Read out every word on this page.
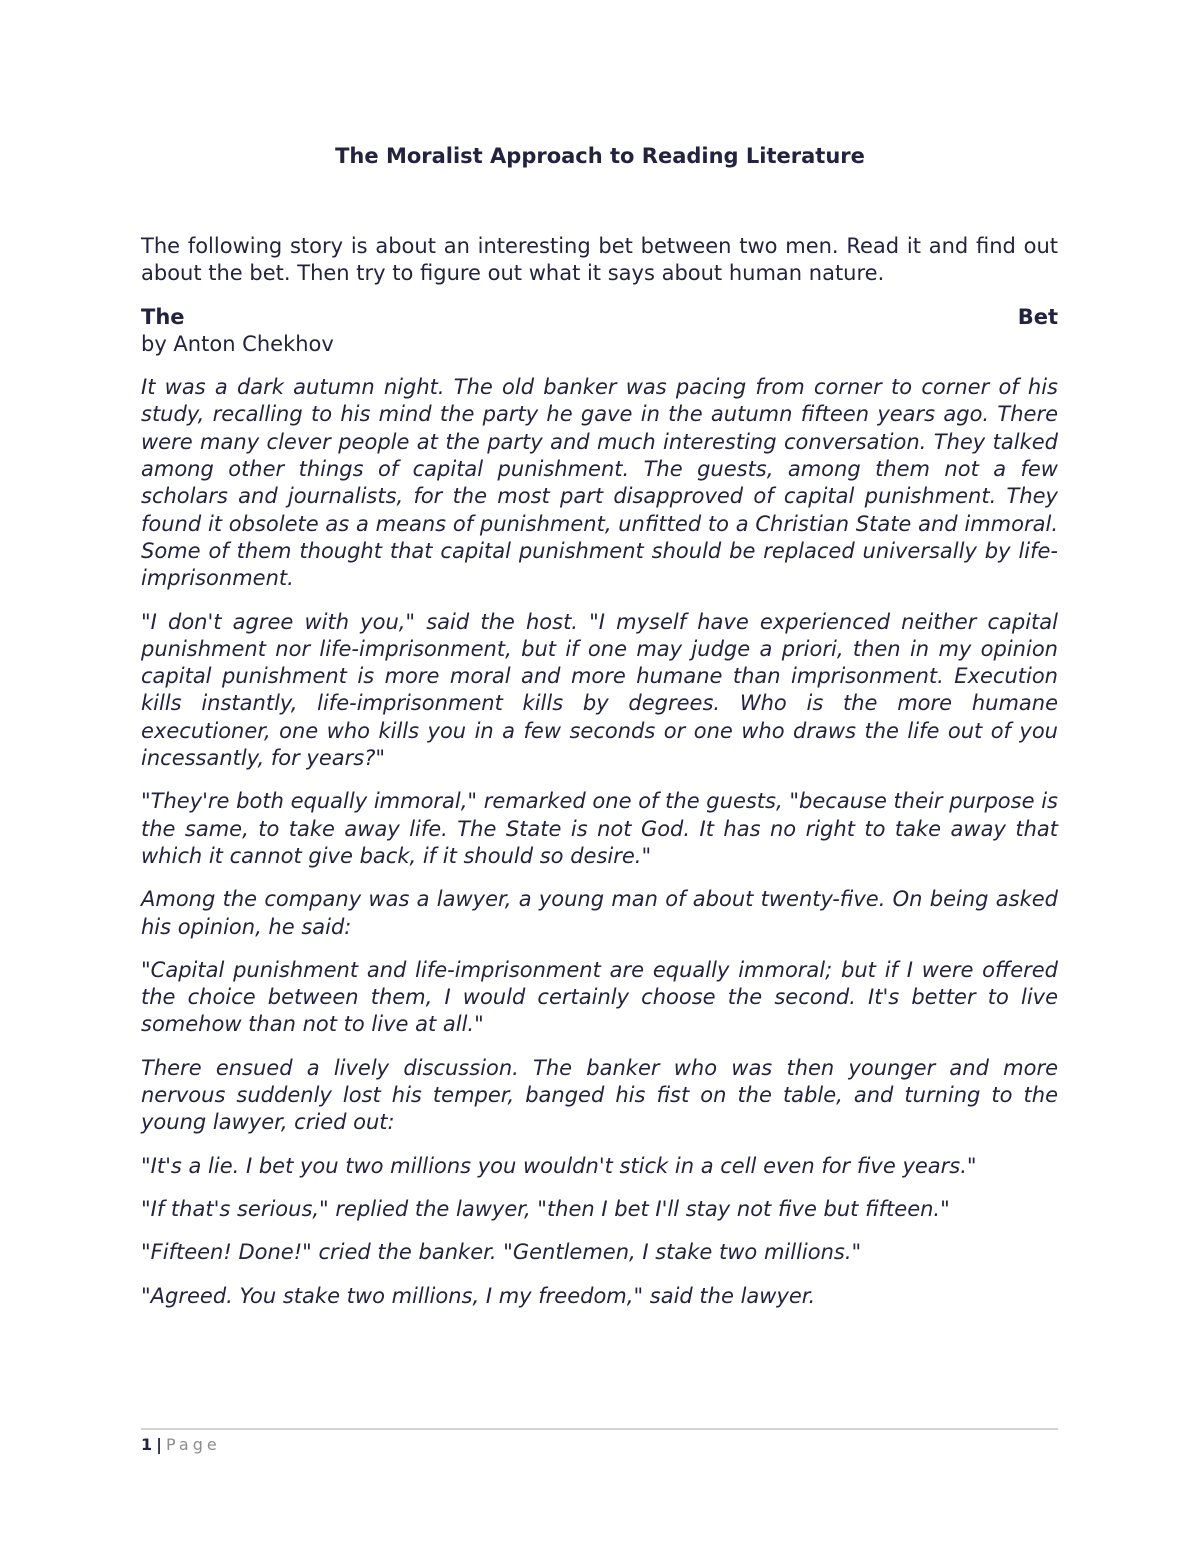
The Moralist Approach to Reading Literature

The following story is about an interesting bet between two men. Read it and find out about the bet. Then try to figure out what it says about human nature.

The	Bet
by Anton Chekhov

It was a dark autumn night. The old banker was pacing from corner to corner of his study, recalling to his mind the party he gave in the autumn fifteen years ago. There were many clever people at the party and much interesting conversation. They talked among other things of capital punishment. The guests, among them not a few scholars and journalists, for the most part disapproved of capital punishment. They found it obsolete as a means of punishment, unfitted to a Christian State and immoral. Some of them thought that capital punishment should be replaced universally by life-imprisonment.

"I don't agree with you," said the host. "I myself have experienced neither capital punishment nor life-imprisonment, but if one may judge a priori, then in my opinion capital punishment is more moral and more humane than imprisonment. Execution kills instantly, life-imprisonment kills by degrees. Who is the more humane executioner, one who kills you in a few seconds or one who draws the life out of you incessantly, for years?"

"They're both equally immoral," remarked one of the guests, "because their purpose is the same, to take away life. The State is not God. It has no right to take away that which it cannot give back, if it should so desire."

Among the company was a lawyer, a young man of about twenty-five. On being asked his opinion, he said:

"Capital punishment and life-imprisonment are equally immoral; but if I were offered the choice between them, I would certainly choose the second. It's better to live somehow than not to live at all."

There ensued a lively discussion. The banker who was then younger and more nervous suddenly lost his temper, banged his fist on the table, and turning to the young lawyer, cried out:

"It's a lie. I bet you two millions you wouldn't stick in a cell even for five years."

"If that's serious," replied the lawyer, "then I bet I'll stay not five but fifteen."

"Fifteen! Done!" cried the banker. "Gentlemen, I stake two millions."

"Agreed. You stake two millions, I my freedom," said the lawyer.

1 | Page
